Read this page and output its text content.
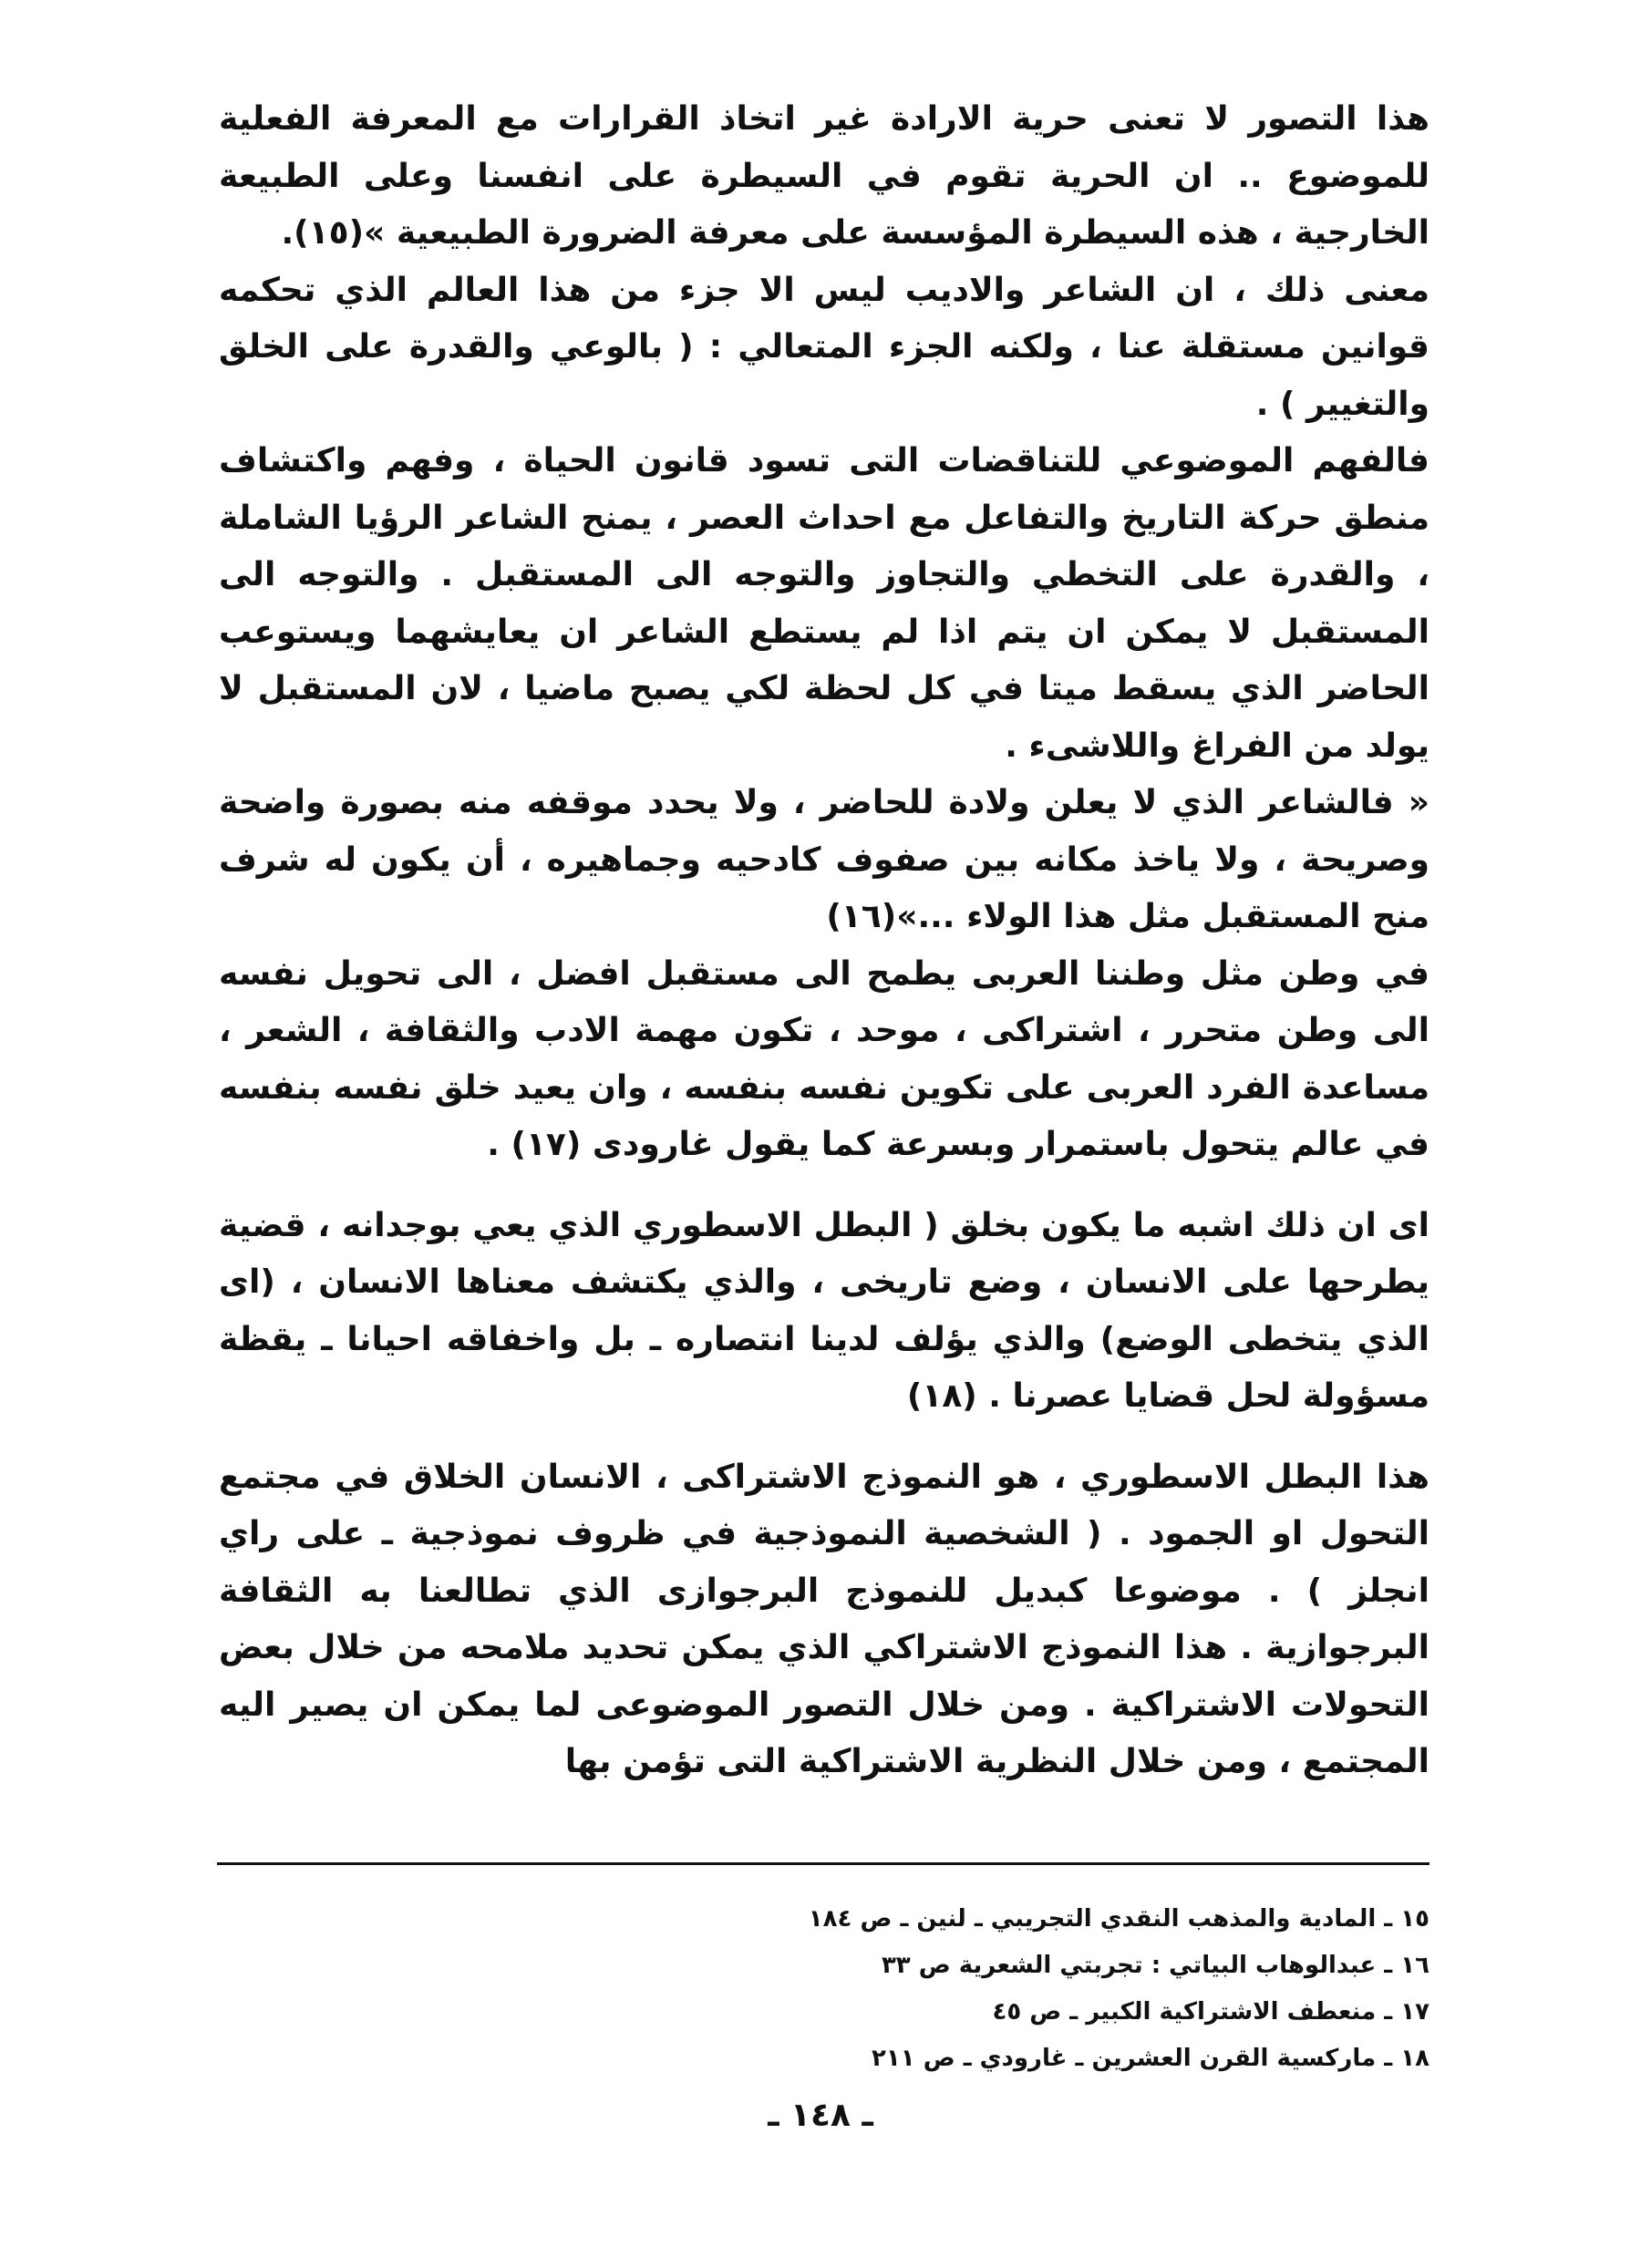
هذا التصور لا تعنى حرية الارادة غير اتخاذ القرارات مع المعرفة الفعلية للموضوع .. ان الحرية تقوم في السيطرة على انفسنا وعلى الطبيعة الخارجية ، هذه السيطرة المؤسسة على معرفة الضرورة الطبيعية »(١٥).

معنى ذلك ، ان الشاعر والاديب ليس الا جزء من هذا العالم الذي تحكمه قوانين مستقلة عنا ، ولكنه الجزء المتعالي : ( بالوعي والقدرة على الخلق والتغيير ) .

فالفهم الموضوعي للتناقضات التى تسود قانون الحياة ، وفهم واكتشاف منطق حركة التاريخ والتفاعل مع احداث العصر ، يمنح الشاعر الرؤيا الشاملة ، والقدرة على التخطي والتجاوز والتوجه الى المستقبل . والتوجه الى المستقبل لا يمكن ان يتم اذا لم يستطع الشاعر ان يعايشهما ويستوعب الحاضر الذي يسقط ميتا في كل لحظة لكي يصبح ماضيا ، لان المستقبل لا يولد من الفراغ واللاشىء .

« فالشاعر الذي لا يعلن ولادة للحاضر ، ولا يحدد موقفه منه بصورة واضحة وصريحة ، ولا ياخذ مكانه بين صفوف كادحيه وجماهيره ، أن يكون له شرف منح المستقبل مثل هذا الولاء ...»(١٦)

في وطن مثل وطننا العربى يطمح الى مستقبل افضل ، الى تحويل نفسه الى وطن متحرر ، اشتراكى ، موحد ، تكون مهمة الادب والثقافة ، الشعر ، مساعدة الفرد العربى على تكوين نفسه بنفسه ، وان يعيد خلق نفسه بنفسه في عالم يتحول باستمرار وبسرعة كما يقول غارودى (١٧) .

اى ان ذلك اشبه ما يكون بخلق ( البطل الاسطوري الذي يعي بوجدانه ، قضية يطرحها على الانسان ، وضع تاريخى ، والذي يكتشف معناها الانسان ، (اى الذي يتخطى الوضع) والذي يؤلف لدينا انتصاره ـ بل واخفاقه احيانا ـ يقظة مسؤولة لحل قضايا عصرنا . (١٨)

هذا البطل الاسطوري ، هو النموذج الاشتراكى ، الانسان الخلاق في مجتمع التحول او الجمود . ( الشخصية النموذجية في ظروف نموذجية ـ على راي انجلز ) . موضوعا كبديل للنموذج البرجوازى الذي تطالعنا به الثقافة البرجوازية . هذا النموذج الاشتراكي الذي يمكن تحديد ملامحه من خلال بعض التحولات الاشتراكية . ومن خلال التصور الموضوعى لما يمكن ان يصير اليه المجتمع ، ومن خلال النظرية الاشتراكية التى تؤمن بها

١٥ ـ المادية والمذهب النقدي التجريبي ـ لنين ـ ص ١٨٤
١٦ ـ عبدالوهاب البياتي : تجربتي الشعرية ص ٣٣
١٧ ـ منعطف الاشتراكية الكبير ـ ص ٤٥
١٨ ـ ماركسية القرن العشرين ـ غارودي ـ ص ٢١١
ـ ١٤٨ ـ
